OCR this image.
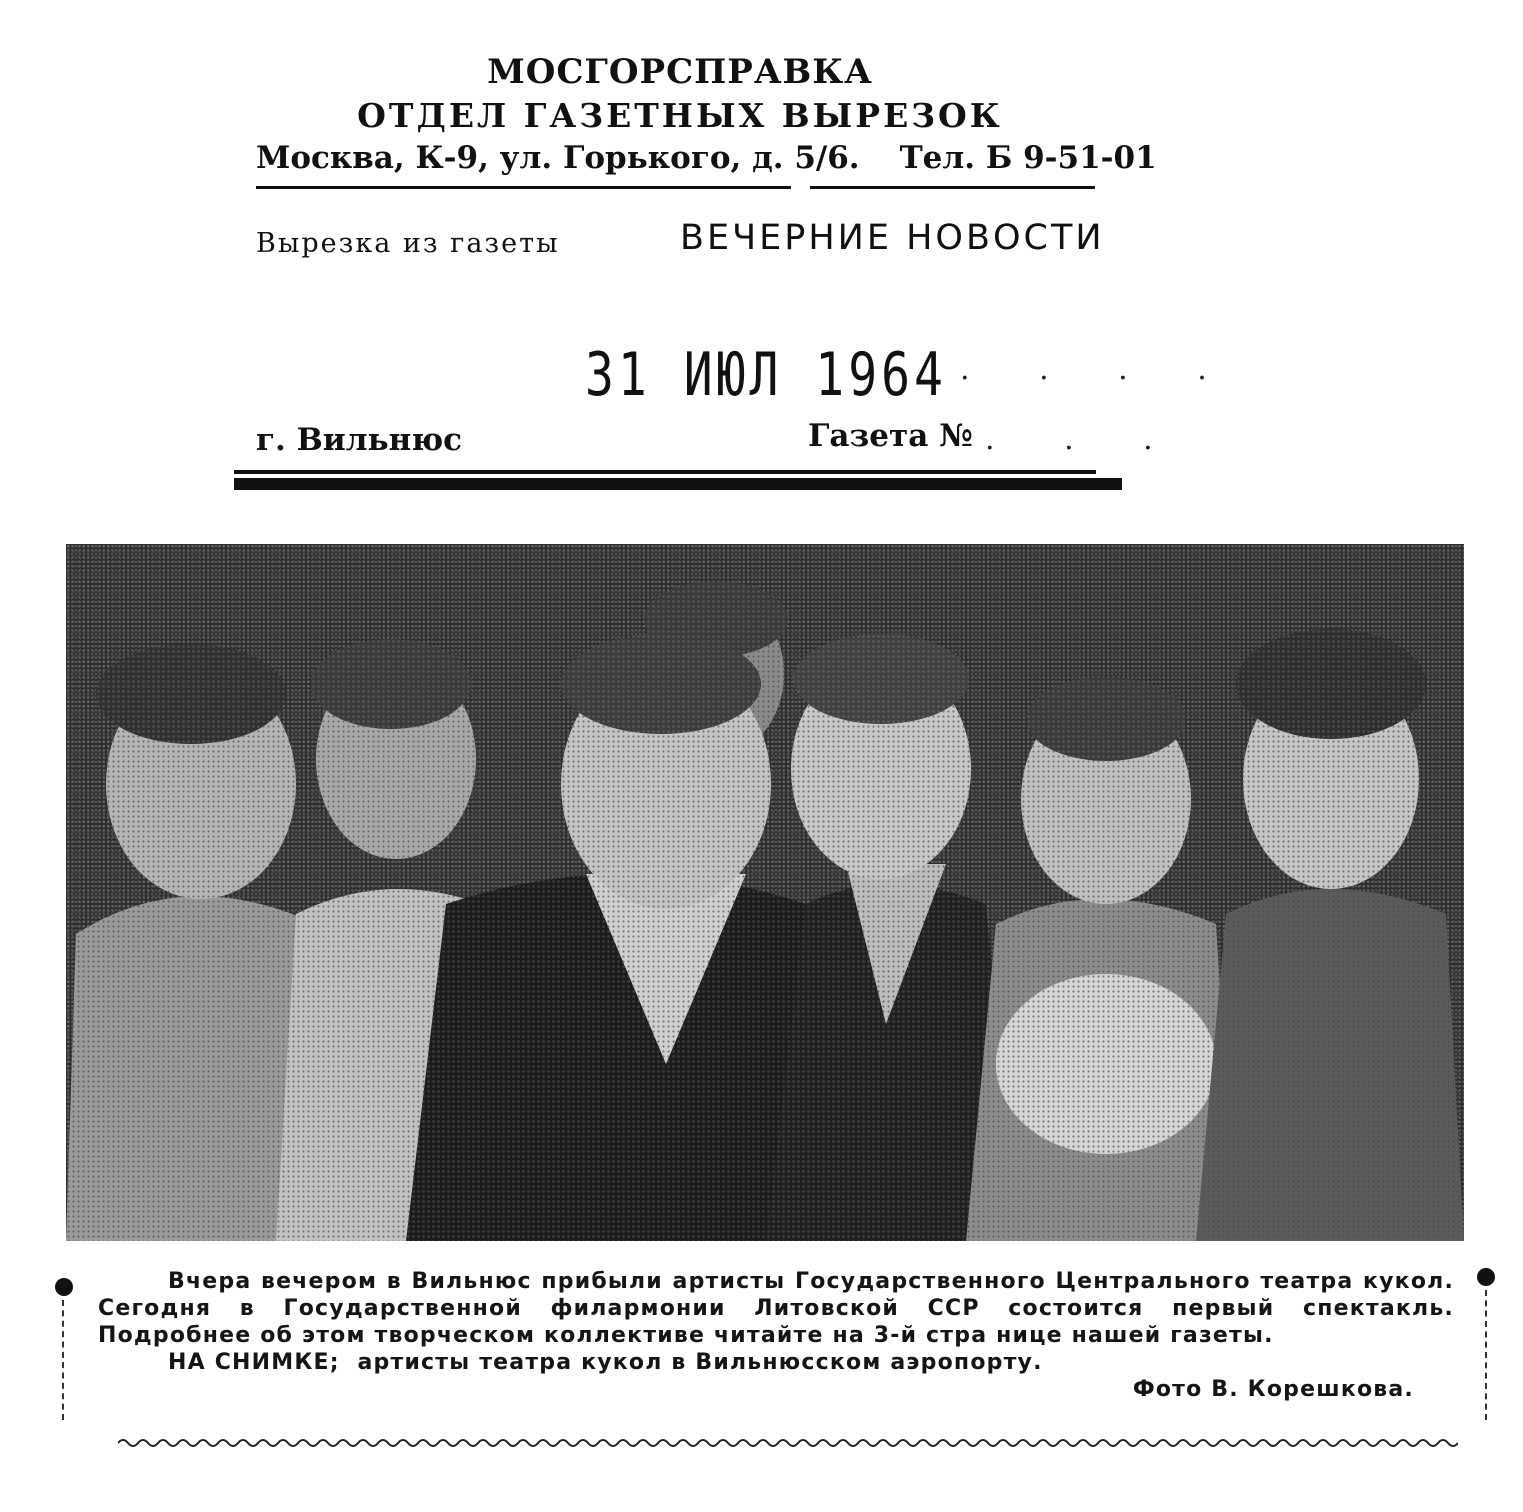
МОСГОРСПРАВКА
ОТДЕЛ ГАЗЕТНЫХ ВЫРЕЗОК
Москва, К-9, ул. Горького, д. 5/6. Тел. Б 9-51-01
Вырезка из газеты	ВЕЧЕРНИЕ НОВОСТИ
31 ИЮЛ 1964 . . . .
г. Вильнюс	Газета № . . .

Вчера вечером в Вильнюс прибыли артисты Государственного Центрального театра кукол. Сегодня в Государственной филармонии Литовской ССР состоится первый спектакль. Подробнее об этом творческом коллективе читайте на 3-й стра нице нашей газеты.

НА СНИМКЕ; артисты театра кукол в Вильнюсском аэропорту.

Фото В. Корешкова.
